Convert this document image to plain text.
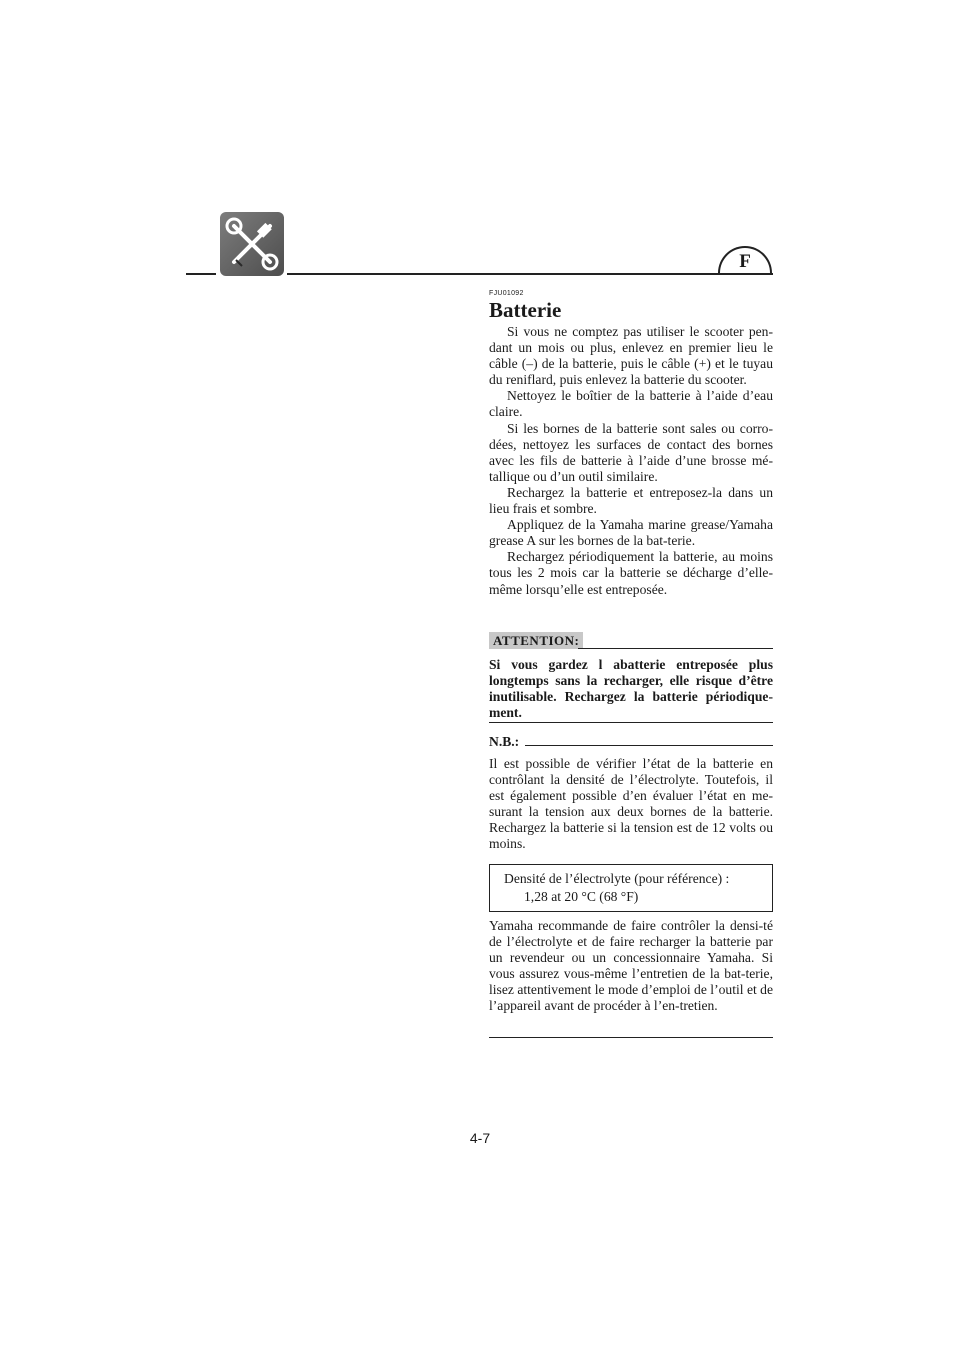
F
FJU01092
Batterie

Si vous ne comptez pas utiliser le scooter pen-dant un mois ou plus, enlevez en premier lieu le câble (–) de la batterie, puis le câble (+) et le tuyau du reniflard, puis enlevez la batterie du scooter.

Nettoyez le boîtier de la batterie à l’aide d’eau claire.

Si les bornes de la batterie sont sales ou corro-dées, nettoyez les surfaces de contact des bornes avec les fils de batterie à l’aide d’une brosse mé-tallique ou d’un outil similaire.

Rechargez la batterie et entreposez-la dans un lieu frais et sombre.

Appliquez de la Yamaha marine grease/Yamaha grease A sur les bornes de la bat-terie.

Rechargez périodiquement la batterie, au moins tous les 2 mois car la batterie se décharge d’elle-même lorsqu’elle est entreposée.

ATTENTION:
Si vous gardez l abatterie entreposée plus longtemps sans la recharger, elle risque d’être inutilisable. Rechargez la batterie périodique-ment.
N.B.:
Il est possible de vérifier l’état de la batterie en contrôlant la densité de l’électrolyte. Toutefois, il est également possible d’en évaluer l’état en me-surant la tension aux deux bornes de la batterie. Rechargez la batterie si la tension est de 12 volts ou moins.
Densité de l’électrolyte (pour référence) :
1,28 at 20 °C (68 °F)
Yamaha recommande de faire contrôler la densi-té de l’électrolyte et de faire recharger la batterie par un revendeur ou un concessionnaire Yamaha. Si vous assurez vous-même l’entretien de la bat-terie, lisez attentivement le mode d’emploi de l’outil et de l’appareil avant de procéder à l’en-tretien.
4-7
